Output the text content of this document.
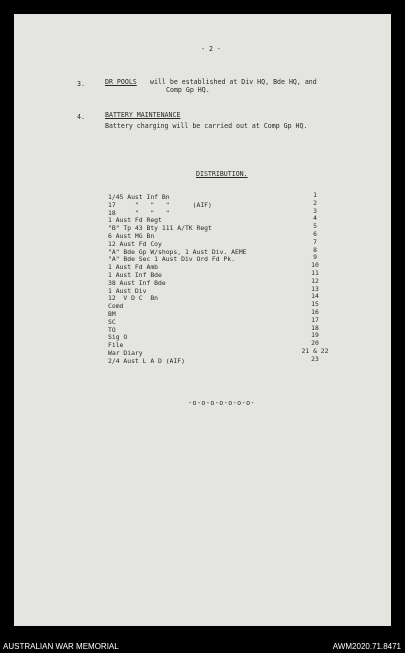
- 2 -
3.	DR POOLS will be established at Div HQ, Bde HQ, and
Comp Gp HQ.
4.	BATTERY MAINTENANCE
Battery charging will be carried out at Comp Gp HQ.
DISTRIBUTION.
1/45 Aust Inf Bn	1
17     "   "   "      (AIF)	2
18     "   "   "	3
1 Aust Fd Regt	4
"B" Tp 43 Bty 111 A/TK Regt	5
6 Aust MG Bn	6
12 Aust Fd Coy	7
"A" Bde Gp W/shops, 1 Aust Div. AEME	8
"A" Bde Sec 1 Aust Div Ord Fd Pk.	9
1 Aust Fd Amb	10
1 Aust Inf Bde	11
38 Aust Inf Bde	12
1 Aust Div	13
12  V D C  Bn	14
Comd	15
BM	16
SC	17
TO	18
Sig O	19
File	20
War Diary	21 & 22
2/4 Aust L A D (AIF)	23
-o-o-o-o-o-o-o-
AUSTRALIAN WAR MEMORIAL	AWM2020.71.8471
